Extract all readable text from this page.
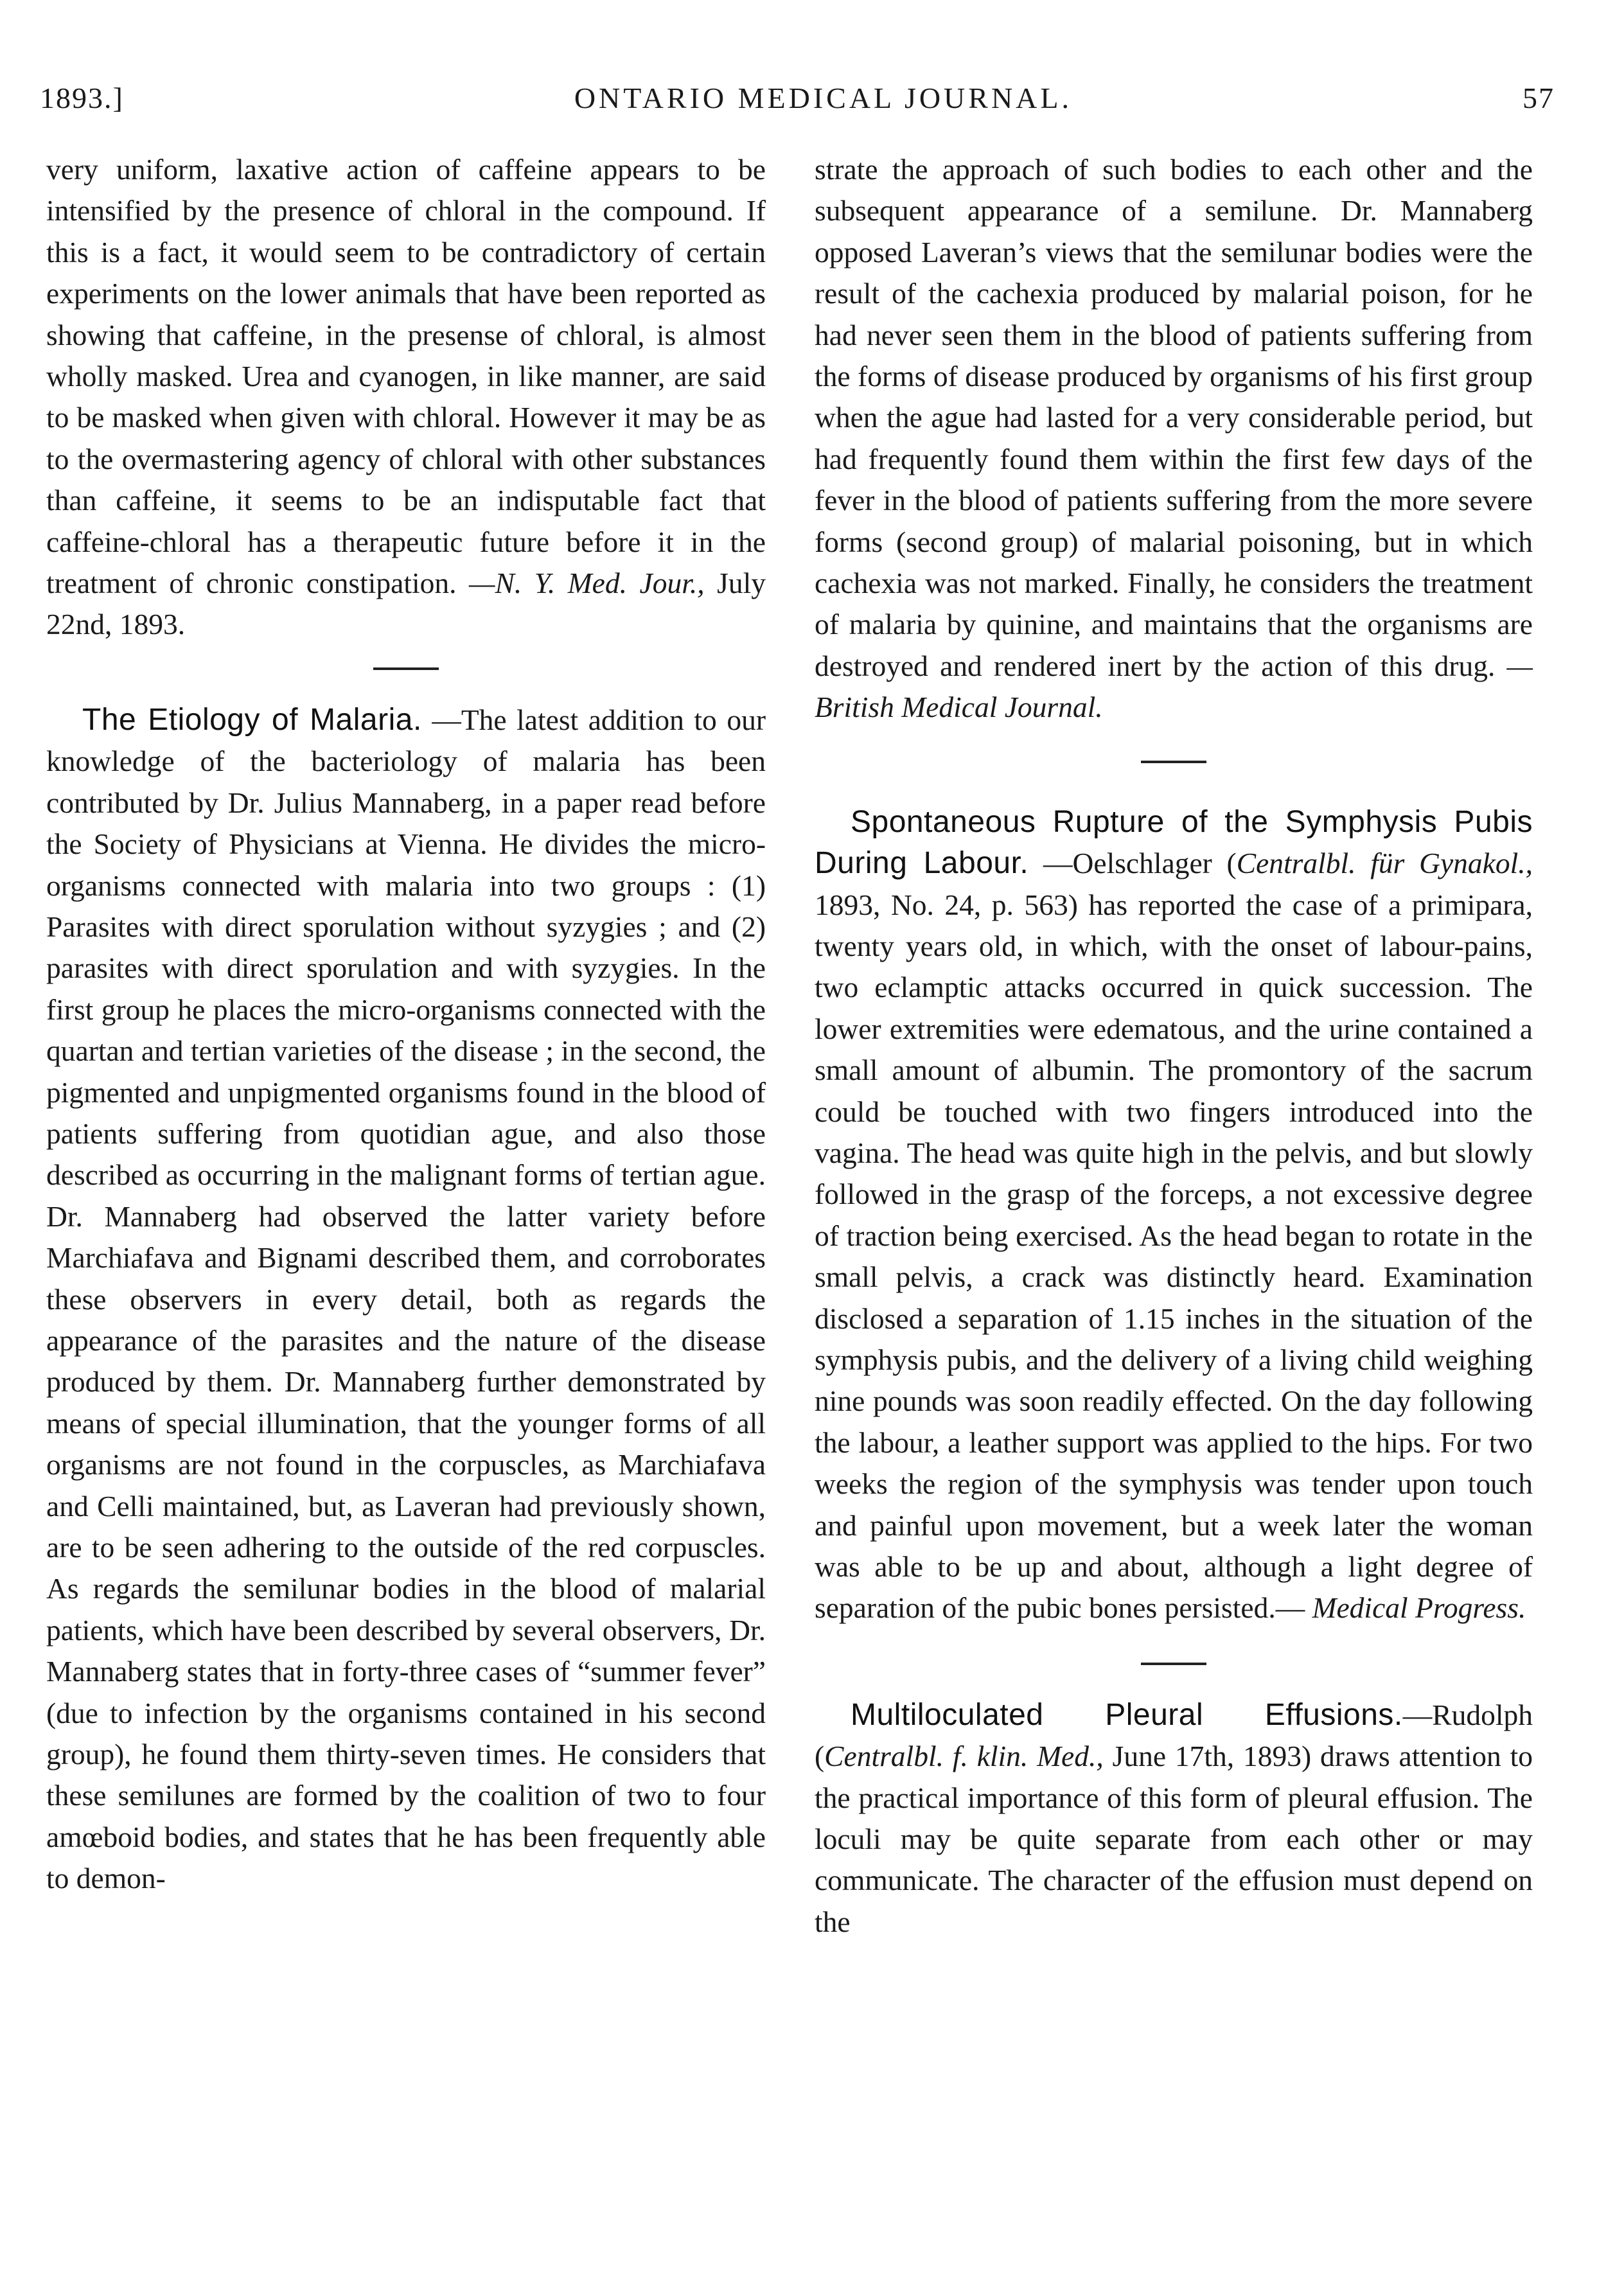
1893.]	ONTARIO MEDICAL JOURNAL.	57

very uniform, laxative action of caffeine appears to be intensified by the presence of chloral in the compound. If this is a fact, it would seem to be contradictory of certain experiments on the lower animals that have been reported as showing that caffeine, in the presense of chloral, is almost wholly masked. Urea and cyanogen, in like manner, are said to be masked when given with chloral. However it may be as to the overmastering agency of chloral with other substances than caffeine, it seems to be an indisputable fact that caffeine-chloral has a therapeutic future before it in the treatment of chronic constipation. —N. Y. Med. Jour., July 22nd, 1893.

The Etiology of Malaria. —The latest addition to our knowledge of the bacteriology of malaria has been contributed by Dr. Julius Mannaberg, in a paper read before the Society of Physicians at Vienna. He divides the micro-organisms connected with malaria into two groups : (1) Parasites with direct sporulation without syzygies ; and (2) parasites with direct sporulation and with syzygies. In the first group he places the micro-organisms connected with the quartan and tertian varieties of the disease ; in the second, the pigmented and unpigmented organisms found in the blood of patients suffering from quotidian ague, and also those described as occurring in the malignant forms of tertian ague. Dr. Mannaberg had observed the latter variety before Marchiafava and Bignami described them, and corroborates these observers in every detail, both as regards the appearance of the parasites and the nature of the disease produced by them. Dr. Mannaberg further demonstrated by means of special illumination, that the younger forms of all organisms are not found in the corpuscles, as Marchiafava and Celli maintained, but, as Laveran had previously shown, are to be seen adhering to the outside of the red corpuscles. As regards the semilunar bodies in the blood of malarial patients, which have been described by several observers, Dr. Mannaberg states that in forty-three cases of “summer fever” (due to infection by the organisms contained in his second group), he found them thirty-seven times. He considers that these semilunes are formed by the coalition of two to four amœboid bodies, and states that he has been frequently able to demon-

strate the approach of such bodies to each other and the subsequent appearance of a semilune. Dr. Mannaberg opposed Laveran’s views that the semilunar bodies were the result of the cachexia produced by malarial poison, for he had never seen them in the blood of patients suffering from the forms of disease produced by organisms of his first group when the ague had lasted for a very considerable period, but had frequently found them within the first few days of the fever in the blood of patients suffering from the more severe forms (second group) of malarial poisoning, but in which cachexia was not marked. Finally, he considers the treatment of malaria by quinine, and maintains that the organisms are destroyed and rendered inert by the action of this drug. —British Medical Journal.

Spontaneous Rupture of the Symphysis Pubis During Labour. —Oelschlager (Centralbl. für Gynakol., 1893, No. 24, p. 563) has reported the case of a primipara, twenty years old, in which, with the onset of labour-pains, two eclamptic attacks occurred in quick succession. The lower extremities were edematous, and the urine contained a small amount of albumin. The promontory of the sacrum could be touched with two fingers introduced into the vagina. The head was quite high in the pelvis, and but slowly followed in the grasp of the forceps, a not excessive degree of traction being exercised. As the head began to rotate in the small pelvis, a crack was distinctly heard. Examination disclosed a separation of 1.15 inches in the situation of the symphysis pubis, and the delivery of a living child weighing nine pounds was soon readily effected. On the day following the labour, a leather support was applied to the hips. For two weeks the region of the symphysis was tender upon touch and painful upon movement, but a week later the woman was able to be up and about, although a light degree of separation of the pubic bones persisted.— Medical Progress.

Multiloculated Pleural Effusions.—Rudolph (Centralbl. f. klin. Med., June 17th, 1893) draws attention to the practical importance of this form of pleural effusion. The loculi may be quite separate from each other or may communicate. The character of the effusion must depend on the
